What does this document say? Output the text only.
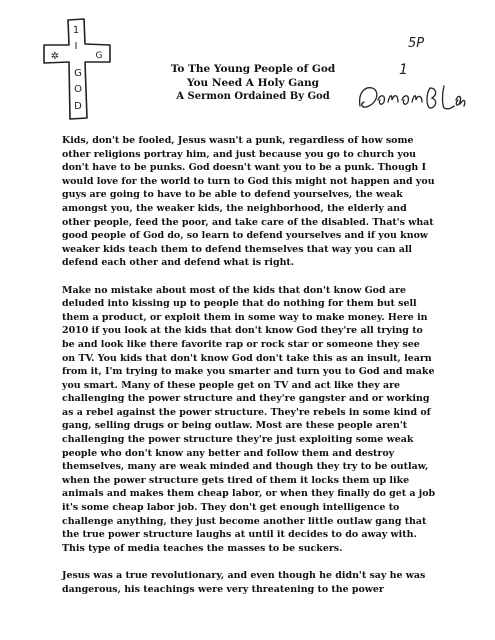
1
I
G
G
O
D
✲
5P
1
To The Young People of God
You Need A Holy Gang
A Sermon Ordained By God
Kids, don't be fooled, Jesus wasn't a punk, regardless of how some
other religions portray him, and just because you go to church you
don't have to be punks. God doesn't want you to be a punk. Though I
would love for the world to turn to God this might not happen and you
guys are going to have to be able to defend yourselves, the weak
amongst you, the weaker kids, the neighborhood, the elderly and
other people, feed the poor, and take care of the disabled. That's what
good people of God do, so learn to defend yourselves and if you know
weaker kids teach them to defend themselves that way you can all
defend each other and defend what is right.
Make no mistake about most of the kids that don't know God are
deluded into kissing up to people that do nothing for them but sell
them a product, or exploit them in some way to make money. Here in
2010 if you look at the kids that don't know God they're all trying to
be and look like there favorite rap or rock star or someone they see
on TV. You kids that don't know God don't take this as an insult, learn
from it, I'm trying to make you smarter and turn you to God and make
you smart. Many of these people get on TV and act like they are
challenging the power structure and they're gangster and or working
as a rebel against the power structure. They're rebels in some kind of
gang, selling drugs or being outlaw. Most are these people aren't
challenging the power structure they're just exploiting some weak
people who don't know any better and follow them and destroy
themselves, many are weak minded and though they try to be outlaw,
when the power structure gets tired of them it locks them up like
animals and makes them cheap labor, or when they finally do get a job
it's some cheap labor job. They don't get enough intelligence to
challenge anything, they just become another little outlaw gang that
the true power structure laughs at until it decides to do away with.
This type of media teaches the masses to be suckers.
Jesus was a true revolutionary, and even though he didn't say he was
dangerous, his teachings were very threatening to the power
